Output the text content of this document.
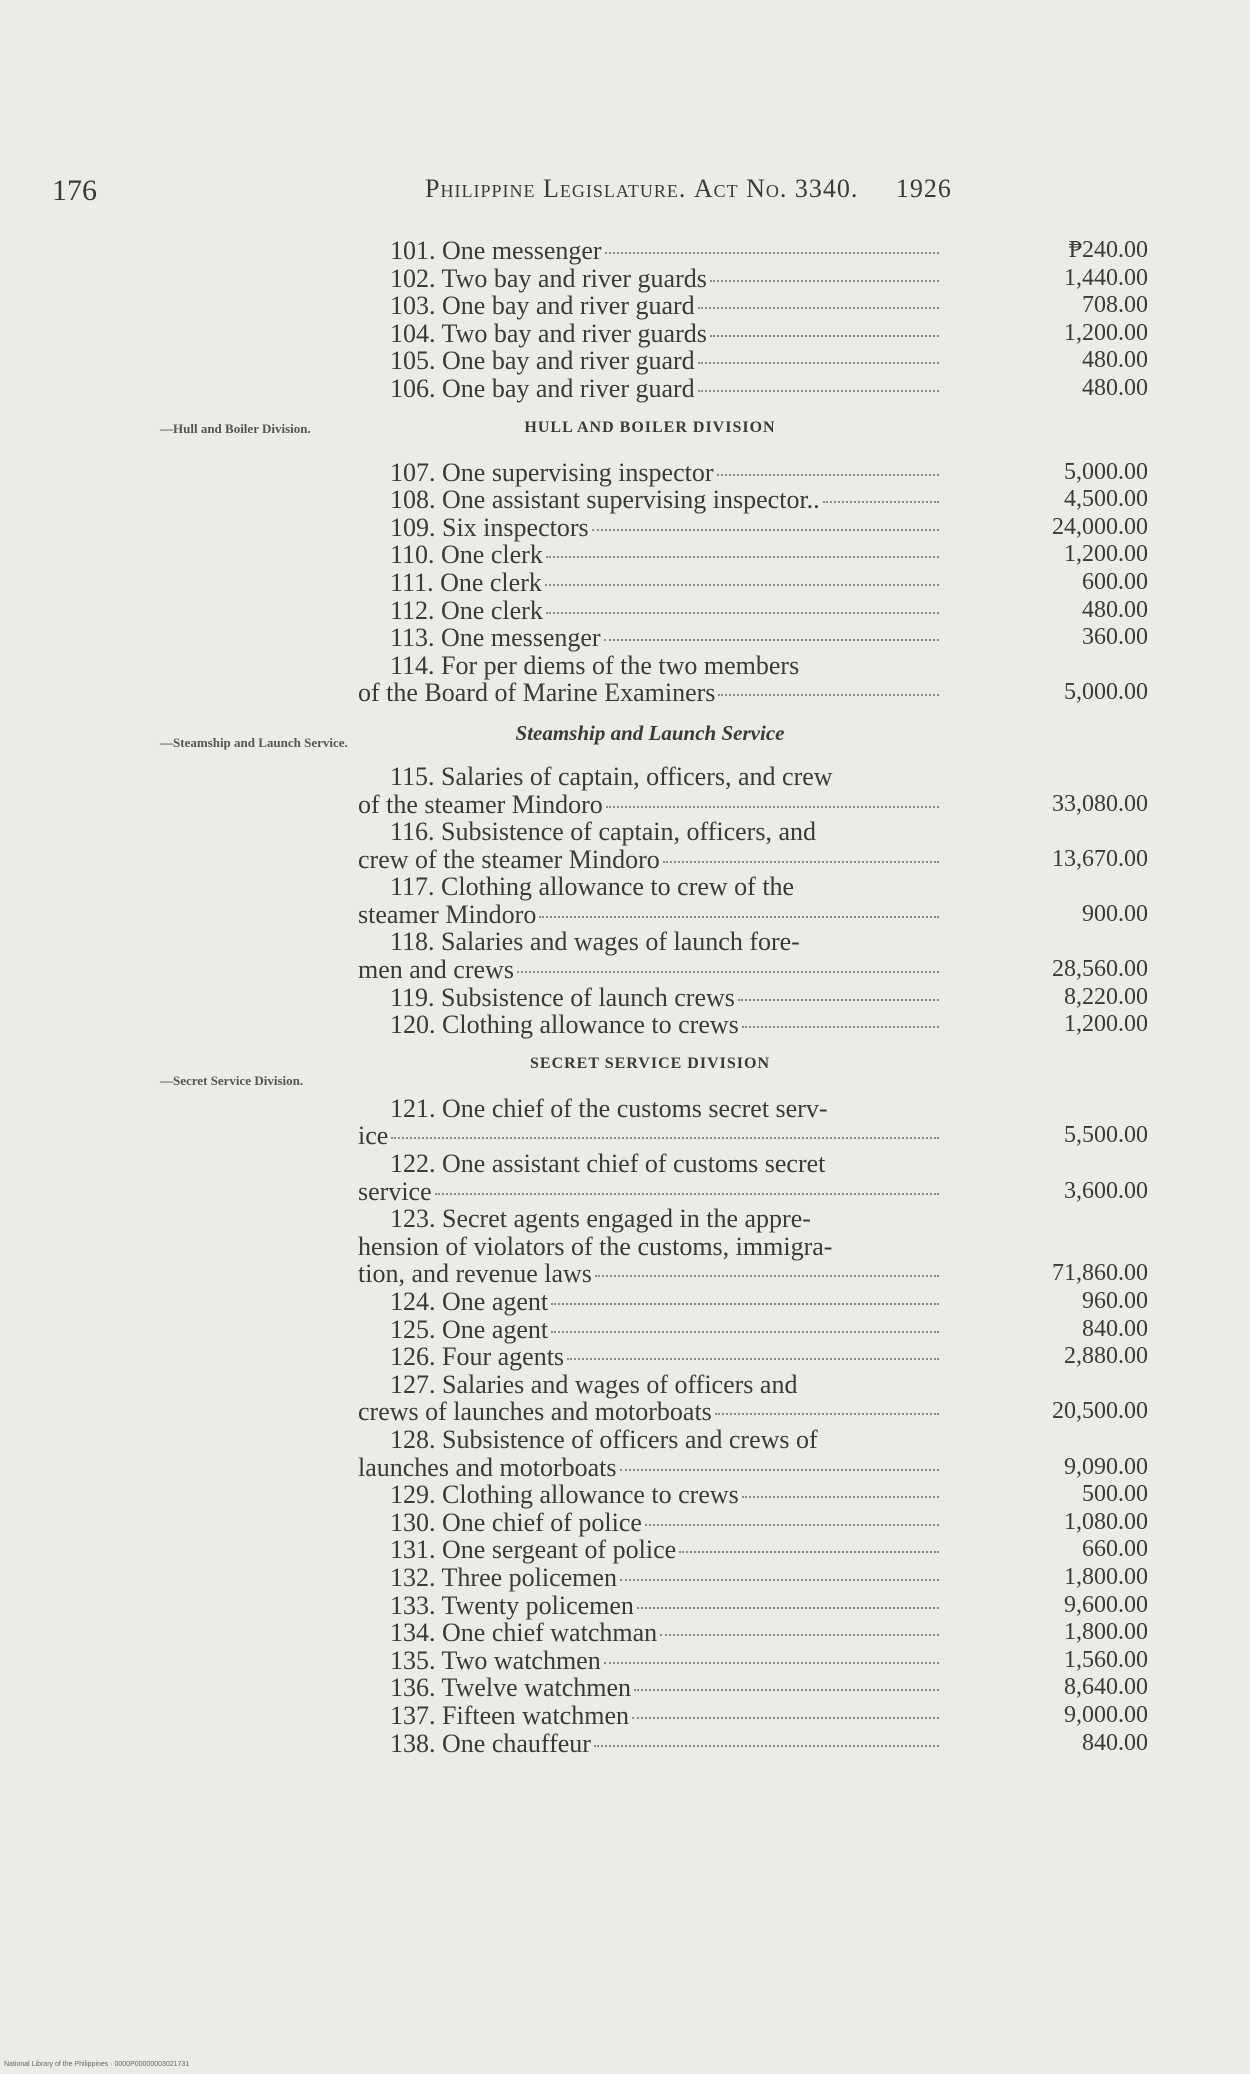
176	Philippine Legislature. Act No. 3340. 1926
—Hull and Boiler Division.
—Steamship and Launch Service.
—Secret Service Division.
101. One messenger	₱240.00
102. Two bay and river guards	1,440.00
103. One bay and river guard	708.00
104. Two bay and river guards	1,200.00
105. One bay and river guard	480.00
106. One bay and river guard	480.00
HULL AND BOILER DIVISION
107. One supervising inspector	5,000.00
108. One assistant supervising inspector..	4,500.00
109. Six inspectors	24,000.00
110. One clerk	1,200.00
111. One clerk	600.00
112. One clerk	480.00
113. One messenger	360.00
114. For per diems of the two members
of the Board of Marine Examiners	5,000.00
Steamship and Launch Service
115. Salaries of captain, officers, and crew
of the steamer Mindoro	33,080.00
116. Subsistence of captain, officers, and
crew of the steamer Mindoro	13,670.00
117. Clothing allowance to crew of the
steamer Mindoro	900.00
118. Salaries and wages of launch fore-
men and crews	28,560.00
119. Subsistence of launch crews	8,220.00
120. Clothing allowance to crews	1,200.00
SECRET SERVICE DIVISION
121. One chief of the customs secret serv-
ice	5,500.00
122. One assistant chief of customs secret
service	3,600.00
123. Secret agents engaged in the appre-
hension of violators of the customs, immigra-
tion, and revenue laws	71,860.00
124. One agent	960.00
125. One agent	840.00
126. Four agents	2,880.00
127. Salaries and wages of officers and
crews of launches and motorboats	20,500.00
128. Subsistence of officers and crews of
launches and motorboats	9,090.00
129. Clothing allowance to crews	500.00
130. One chief of police	1,080.00
131. One sergeant of police	660.00
132. Three policemen	1,800.00
133. Twenty policemen	9,600.00
134. One chief watchman	1,800.00
135. Two watchmen	1,560.00
136. Twelve watchmen	8,640.00
137. Fifteen watchmen	9,000.00
138. One chauffeur	840.00
National Library of the Philippines · 0000P00000003021731
